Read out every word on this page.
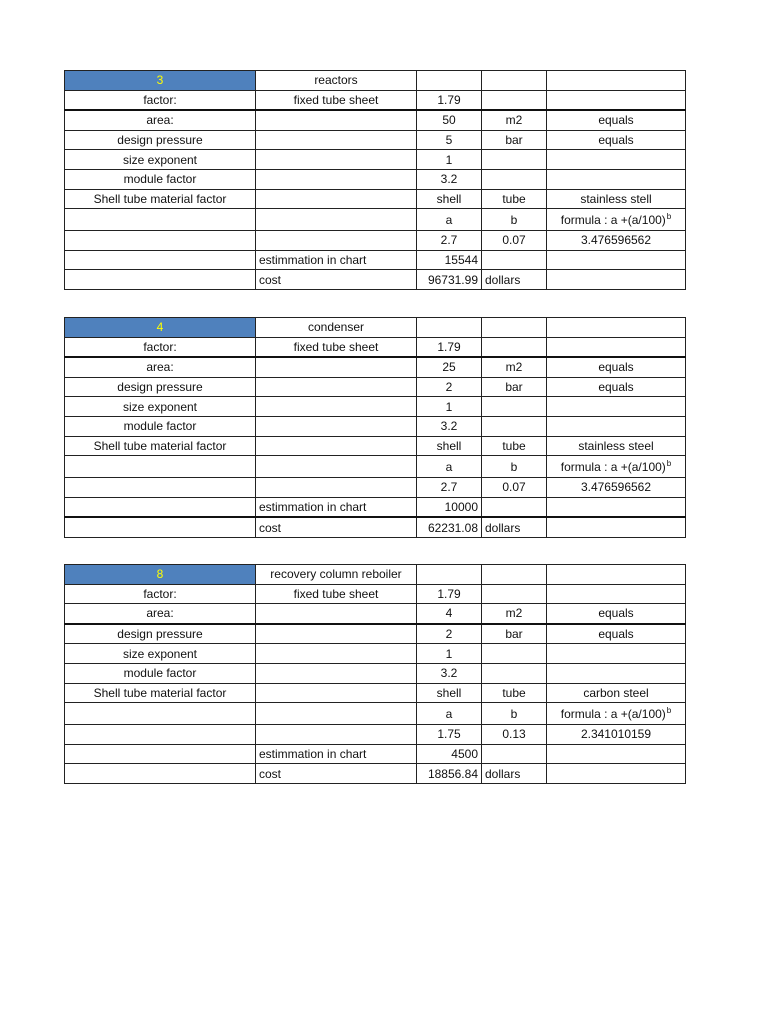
3	reactors			
factor:	fixed tube sheet	1.79		
area:		50	m2	equals
design pressure		5	bar	equals
size exponent		1		
module factor		3.2		
Shell tube material factor		shell	tube	stainless stell
		a	b	formula : $a +(a/100)^b$
		2.7	0.07	3.476596562
	estimmation in chart	15544		
	cost	96731.99	dollars	
4	condenser			
factor:	fixed tube sheet	1.79		
area:		25	m2	equals
design pressure		2	bar	equals
size exponent		1		
module factor		3.2		
Shell tube material factor		shell	tube	stainless steel
		a	b	formula : $a +(a/100)^b$
		2.7	0.07	3.476596562
	estimmation in chart	10000		
	cost	62231.08	dollars	
8	recovery column reboiler			
factor:	fixed tube sheet	1.79		
area:		4	m2	equals
design pressure		2	bar	equals
size exponent		1		
module factor		3.2		
Shell tube material factor		shell	tube	carbon steel
		a	b	formula : $a +(a/100)^b$
		1.75	0.13	2.341010159
	estimmation in chart	4500		
	cost	18856.84	dollars	
